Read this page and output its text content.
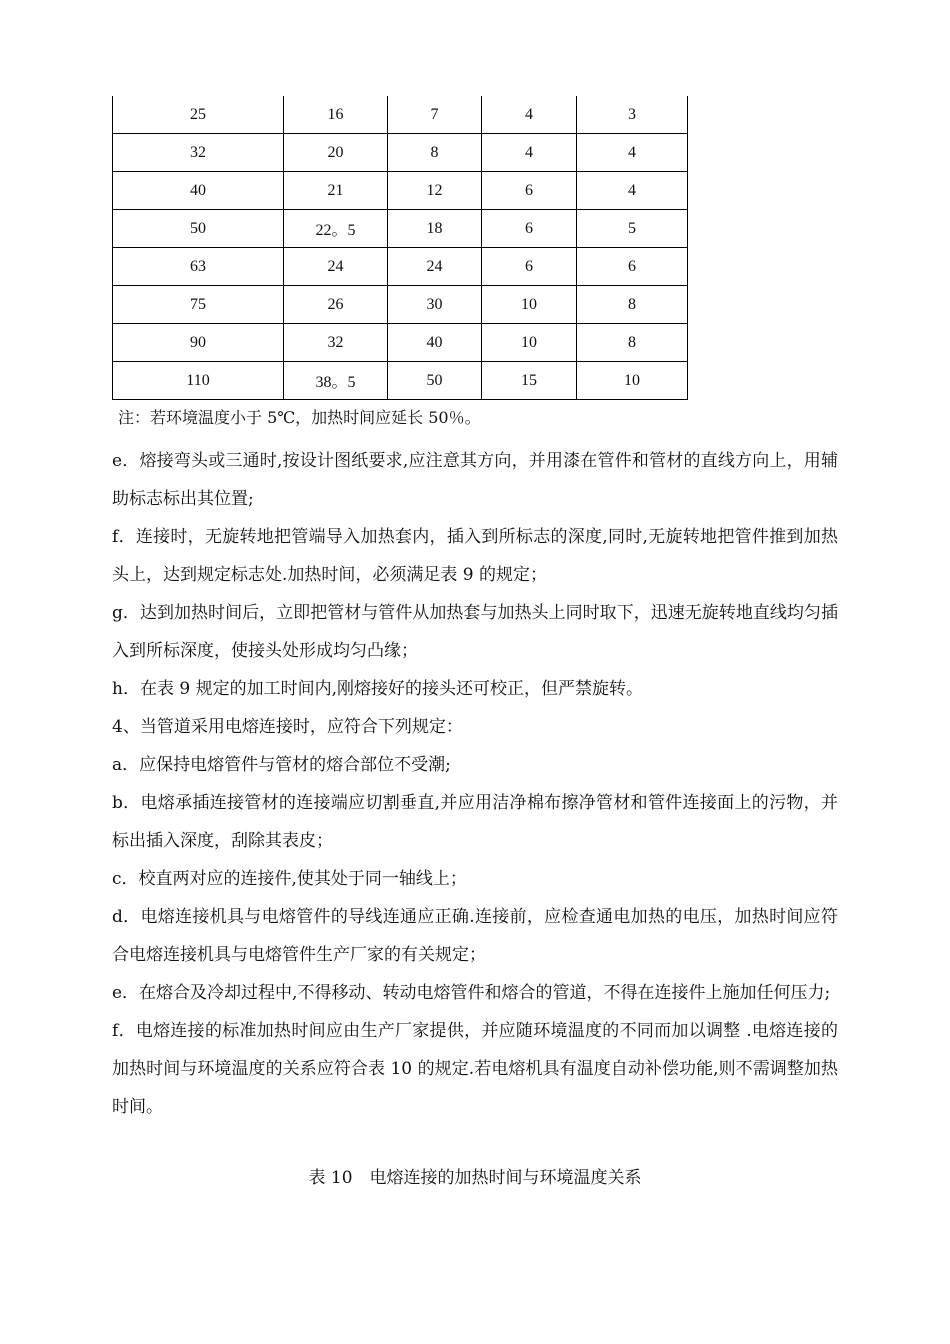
25	16	7	4	3
32	20	8	4	4
40	21	12	6	4
50	22。5	18	6	5
63	24	24	6	6
75	26	30	10	8
90	32	40	10	8
110	38。5	50	15	10
注：若环境温度小于 5℃，加热时间应延长 50％。

e．熔接弯头或三通时,按设计图纸要求,应注意其方向，并用漆在管件和管材的直线方向上，用辅助标志标出其位置;

f．连接时，无旋转地把管端导入加热套内，插入到所标志的深度,同时,无旋转地把管件推到加热头上，达到规定标志处.加热时间，必须满足表 9 的规定；

g．达到加热时间后，立即把管材与管件从加热套与加热头上同时取下，迅速无旋转地直线均匀插入到所标深度，使接头处形成均匀凸缘；

h．在表 9 规定的加工时间内,刚熔接好的接头还可校正，但严禁旋转。

4、当管道采用电熔连接时，应符合下列规定：

a．应保持电熔管件与管材的熔合部位不受潮;

b．电熔承插连接管材的连接端应切割垂直,并应用洁净棉布擦净管材和管件连接面上的污物，并标出插入深度，刮除其表皮；

c．校直两对应的连接件,使其处于同一轴线上；

d．电熔连接机具与电熔管件的导线连通应正确.连接前，应检查通电加热的电压，加热时间应符合电熔连接机具与电熔管件生产厂家的有关规定；

e．在熔合及冷却过程中,不得移动、转动电熔管件和熔合的管道，不得在连接件上施加任何压力;

f．电熔连接的标准加热时间应由生产厂家提供，并应随环境温度的不同而加以调整 .电熔连接的加热时间与环境温度的关系应符合表 10 的规定.若电熔机具有温度自动补偿功能,则不需调整加热时间。

表 10　电熔连接的加热时间与环境温度关系
